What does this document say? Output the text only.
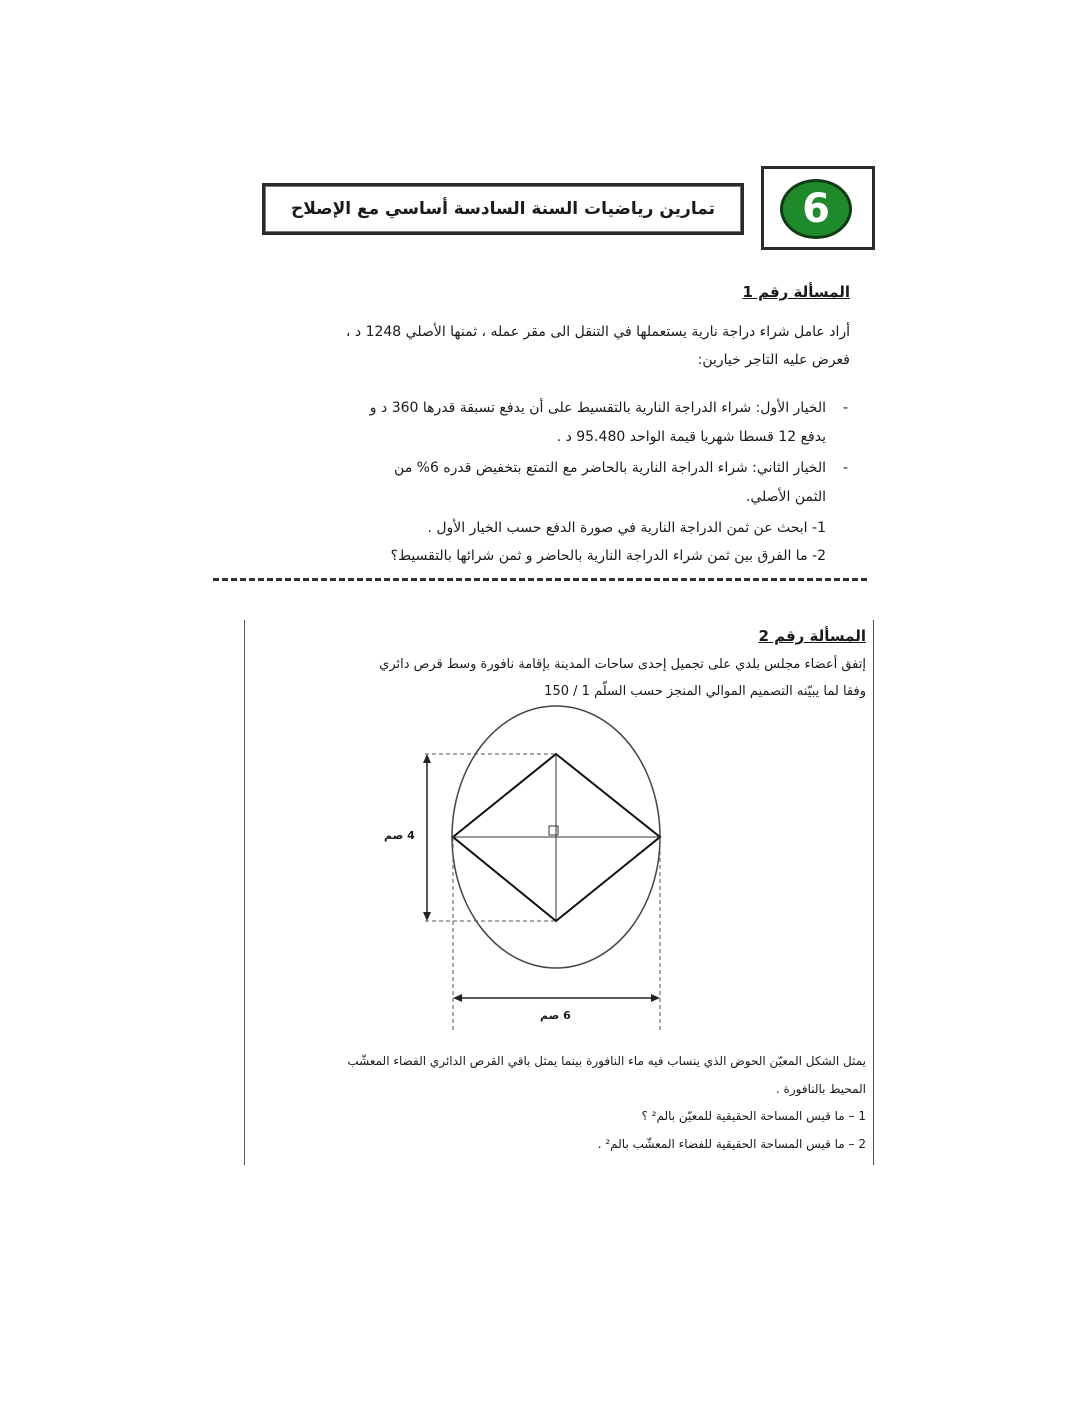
6
تمارين رياضيات السنة السادسة أساسي مع الإصلاح
المسألة رقم 1
أراد عامل شراء دراجة نارية يستعملها في التنقل الى مقر عمله ، ثمنها الأصلي 1248 د ،
فعرض عليه التاجر خيارين:
- الخيار الأول: شراء الدراجة النارية بالتقسيط على أن يدفع تسبقة قدرها 360 د و
يدفع 12 قسطا شهريا قيمة الواحد 95.480 د .
- الخيار الثاني: شراء الدراجة النارية بالحاضر مع التمتع بتخفيض قدره 6% من
الثمن الأصلي.
1- ابحث عن ثمن الدراجة النارية في صورة الدفع حسب الخيار الأول .
2- ما الفرق بين ثمن شراء الدراجة النارية بالحاضر و ثمن شرائها بالتقسيط؟
المسألة رقم 2
إتفق أعضاء مجلس بلدي على تجميل إحدى ساحات المدينة بإقامة نافورة وسط قرص دائري
وفقا لما يبيّنه التصميم الموالي المنجز حسب السلّم 1 / 150
4 صم
6 صم
يمثل الشكل المعيّن الحوض الذي ينساب فيه ماء النافورة بينما يمثل باقي القرص الدائري الفضاء المعشّب
المحيط بالنافورة .
1 – ما قيس المساحة الحقيقية للمعيّن بالم² ؟
2 – ما قيس المساحة الحقيقية للفضاء المعشّب بالم² .
